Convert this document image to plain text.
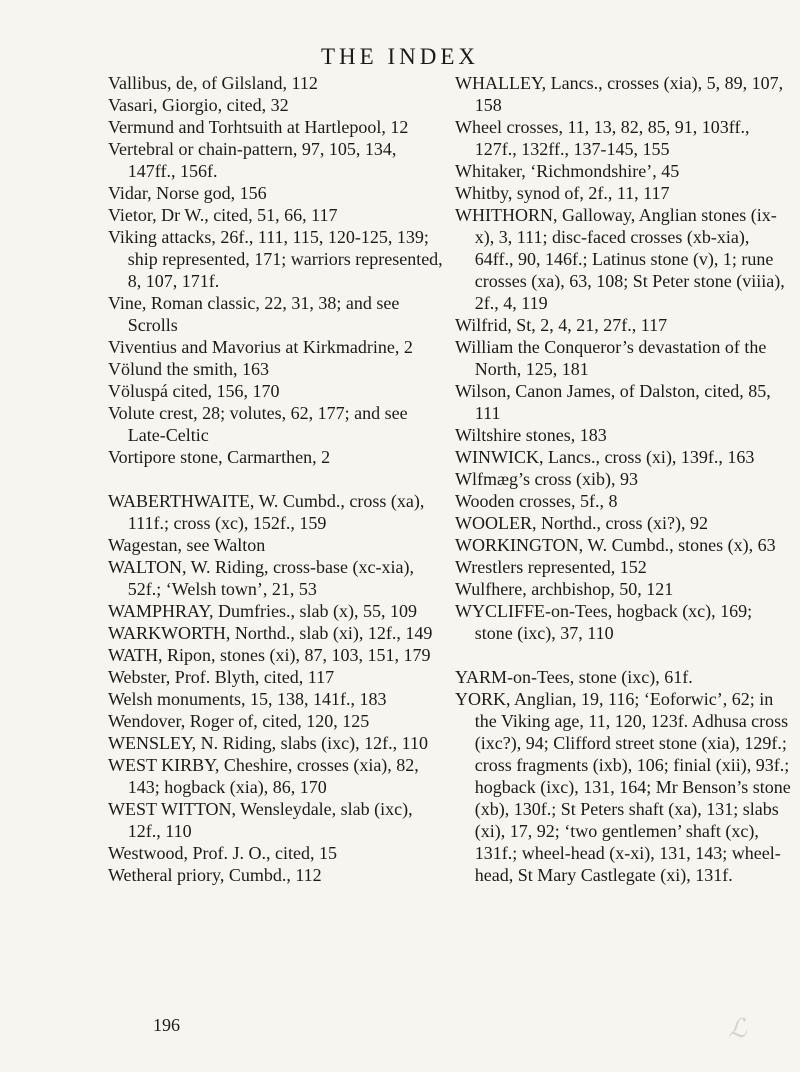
THE INDEX

Vallibus, de, of Gilsland, 112

Vasari, Giorgio, cited, 32

Vermund and Torhtsuith at Hartlepool, 12

Vertebral or chain-pattern, 97, 105, 134, 147ff., 156f.

Vidar, Norse god, 156

Vietor, Dr W., cited, 51, 66, 117

Viking attacks, 26f., 111, 115, 120-125, 139; ship represented, 171; warriors represented, 8, 107, 171f.

Vine, Roman classic, 22, 31, 38; and see Scrolls

Viventius and Mavorius at Kirkmadrine, 2

Völund the smith, 163

Völuspá cited, 156, 170

Volute crest, 28; volutes, 62, 177; and see Late-Celtic

Vortipore stone, Carmarthen, 2

WABERTHWAITE, W. Cumbd., cross (xa), 111f.; cross (xc), 152f., 159

Wagestan, see Walton

WALTON, W. Riding, cross-base (xc-xia), 52f.; ‘Welsh town’, 21, 53

WAMPHRAY, Dumfries., slab (x), 55, 109

WARKWORTH, Northd., slab (xi), 12f., 149

WATH, Ripon, stones (xi), 87, 103, 151, 179

Webster, Prof. Blyth, cited, 117

Welsh monuments, 15, 138, 141f., 183

Wendover, Roger of, cited, 120, 125

WENSLEY, N. Riding, slabs (ixc), 12f., 110

WEST KIRBY, Cheshire, crosses (xia), 82, 143; hogback (xia), 86, 170

WEST WITTON, Wensleydale, slab (ixc), 12f., 110

Westwood, Prof. J. O., cited, 15

Wetheral priory, Cumbd., 112

WHALLEY, Lancs., crosses (xia), 5, 89, 107, 158

Wheel crosses, 11, 13, 82, 85, 91, 103ff., 127f., 132ff., 137-145, 155

Whitaker, ‘Richmondshire’, 45

Whitby, synod of, 2f., 11, 117

WHITHORN, Galloway, Anglian stones (ix-x), 3, 111; disc-faced crosses (xb-xia), 64ff., 90, 146f.; Latinus stone (v), 1; rune crosses (xa), 63, 108; St Peter stone (viiia), 2f., 4, 119

Wilfrid, St, 2, 4, 21, 27f., 117

William the Conqueror’s devastation of the North, 125, 181

Wilson, Canon James, of Dalston, cited, 85, 111

Wiltshire stones, 183

WINWICK, Lancs., cross (xi), 139f., 163

Wlfmæg’s cross (xib), 93

Wooden crosses, 5f., 8

WOOLER, Northd., cross (xi?), 92

WORKINGTON, W. Cumbd., stones (x), 63

Wrestlers represented, 152

Wulfhere, archbishop, 50, 121

WYCLIFFE-on-Tees, hogback (xc), 169; stone (ixc), 37, 110

YARM-on-Tees, stone (ixc), 61f.

YORK, Anglian, 19, 116; ‘Eoforwic’, 62; in the Viking age, 11, 120, 123f. Adhusa cross (ixc?), 94; Clifford street stone (xia), 129f.; cross fragments (ixb), 106; finial (xii), 93f.; hogback (ixc), 131, 164; Mr Benson’s stone (xb), 130f.; St Peters shaft (xa), 131; slabs (xi), 17, 92; ‘two gentlemen’ shaft (xc), 131f.; wheel-head (x-xi), 131, 143; wheel-head, St Mary Castlegate (xi), 131f.

196	ℒ
